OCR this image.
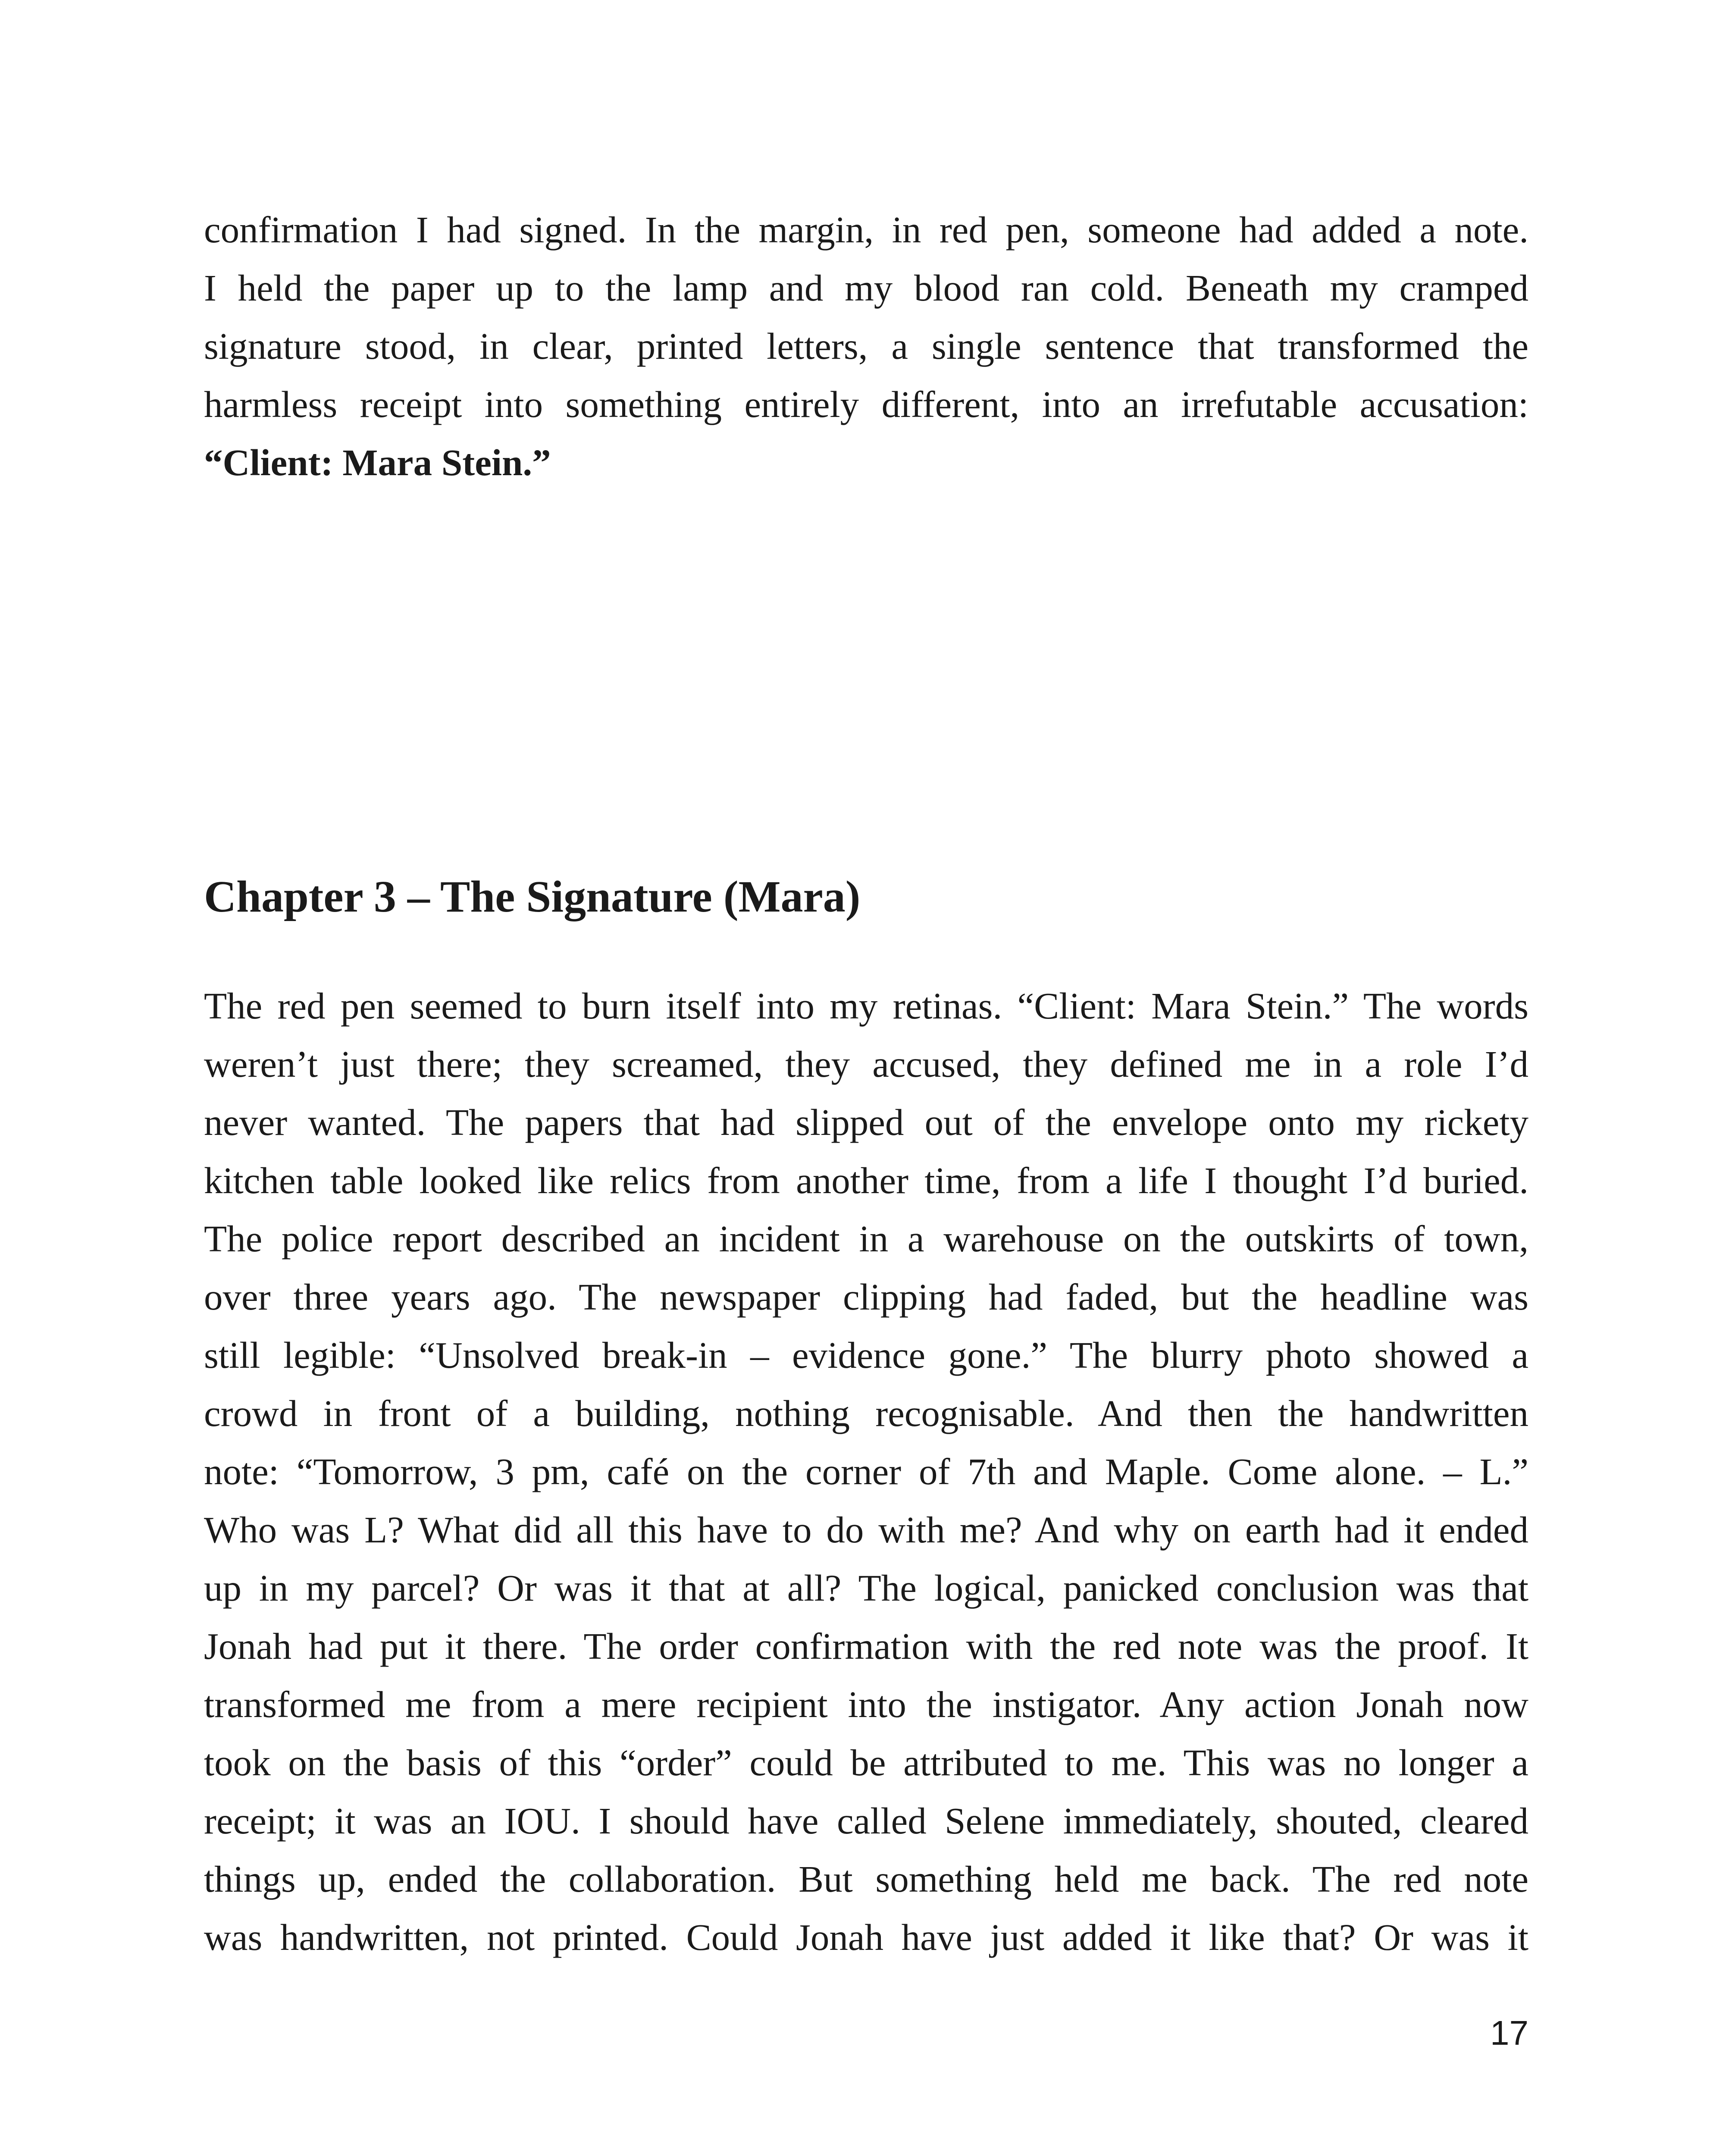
confirmation I had signed. In the margin, in red pen, someone had added a note.
I held the paper up to the lamp and my blood ran cold. Beneath my cramped
signature stood, in clear, printed letters, a single sentence that transformed the
harmless receipt into something entirely different, into an irrefutable accusation:
“Client: Mara Stein.”
Chapter 3 – The Signature (Mara)
The red pen seemed to burn itself into my retinas. “Client: Mara Stein.” The words
weren’t just there; they screamed, they accused, they defined me in a role I’d
never wanted. The papers that had slipped out of the envelope onto my rickety
kitchen table looked like relics from another time, from a life I thought I’d buried.
The police report described an incident in a warehouse on the outskirts of town,
over three years ago. The newspaper clipping had faded, but the headline was
still legible: “Unsolved break-in – evidence gone.” The blurry photo showed a
crowd in front of a building, nothing recognisable. And then the handwritten
note: “Tomorrow, 3 pm, café on the corner of 7th and Maple. Come alone. – L.”
Who was L? What did all this have to do with me? And why on earth had it ended
up in my parcel? Or was it that at all? The logical, panicked conclusion was that
Jonah had put it there. The order confirmation with the red note was the proof. It
transformed me from a mere recipient into the instigator. Any action Jonah now
took on the basis of this “order” could be attributed to me. This was no longer a
receipt; it was an IOU. I should have called Selene immediately, shouted, cleared
things up, ended the collaboration. But something held me back. The red note
was handwritten, not printed. Could Jonah have just added it like that? Or was it
17
